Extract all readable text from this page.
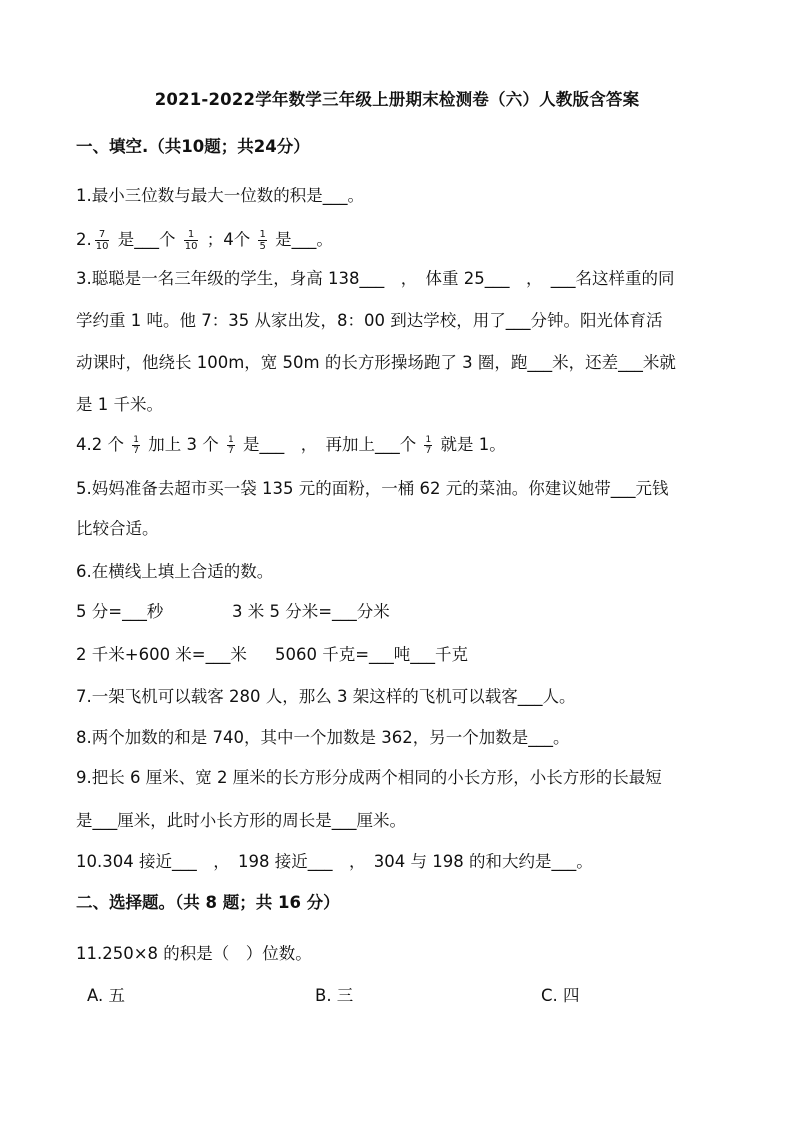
2021-2022学年数学三年级上册期末检测卷（六）人教版含答案
一、填空.（共10题；共24分）
1.最小三位数与最大一位数的积是___。
2. $\frac{7}{10}$ 是___个 $\frac{1}{10}$ ；4个 $\frac{1}{5}$ 是___。
3.聪聪是一名三年级的学生，身高 138___　，　体重 25___　，　___名这样重的同
学约重 1 吨。他 7：35 从家出发，8：00 到达学校，用了___分钟。阳光体育活
动课时，他绕长 100m，宽 50m 的长方形操场跑了 3 圈，跑___米，还差___米就
是 1 千米。
4.2 个 $\frac{1}{7}$ 加上 3 个 $\frac{1}{7}$ 是___　，　再加上___个 $\frac{1}{7}$ 就是 1。
5.妈妈准备去超市买一袋 135 元的面粉，一桶 62 元的菜油。你建议她带___元钱
比较合适。
6.在横线上填上合适的数。
5 分=___秒	3 米 5 分米=___分米
2 千米+600 米=___米 5060 千克=___吨___千克
7.一架飞机可以载客 280 人，那么 3 架这样的飞机可以载客___人。
8.两个加数的和是 740，其中一个加数是 362，另一个加数是___。
9.把长 6 厘米、宽 2 厘米的长方形分成两个相同的小长方形，小长方形的长最短
是___厘米，此时小长方形的周长是___厘米。
10.304 接近___　，　198 接近___　，　304 与 198 的和大约是___。
二、选择题。（共 8 题；共 16 分）
11.250×8 的积是（　）位数。
A. 五	B. 三	C. 四
